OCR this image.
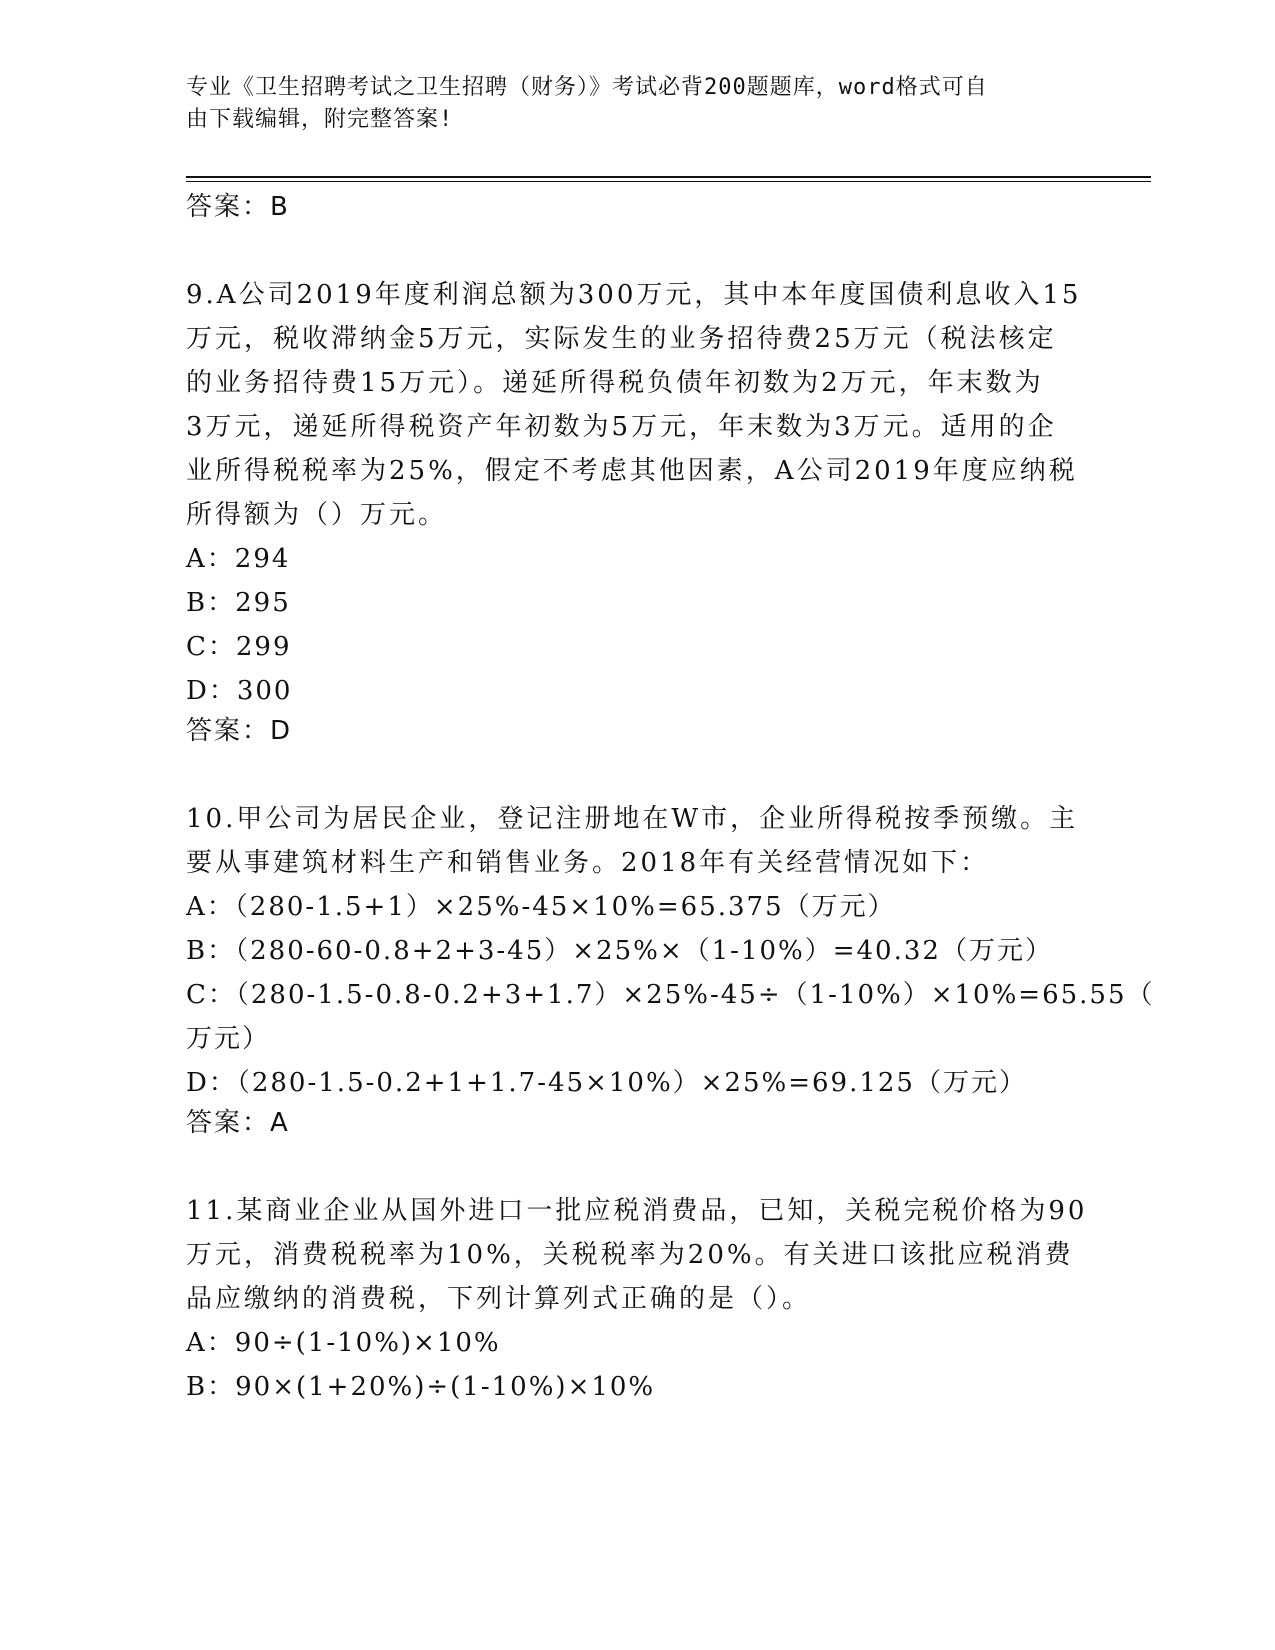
专业《卫生招聘考试之卫生招聘（财务）》考试必背200题题库，word格式可自
由下载编辑，附完整答案!
答案：B
9.A公司2019年度利润总额为300万元，其中本年度国债利息收入15
万元，税收滞纳金5万元，实际发生的业务招待费25万元（税法核定
的业务招待费15万元）。递延所得税负债年初数为2万元，年末数为
3万元，递延所得税资产年初数为5万元，年末数为3万元。适用的企
业所得税税率为25%，假定不考虑其他因素，A公司2019年度应纳税
所得额为（）万元。
A：294
B：295
C：299
D：300
答案：D
10.甲公司为居民企业，登记注册地在W市，企业所得税按季预缴。主
要从事建筑材料生产和销售业务。2018年有关经营情况如下：
A：（280-1.5+1）×25%-45×10%=65.375（万元）
B：（280-60-0.8+2+3-45）×25%×（1-10%）=40.32（万元）
C：（280-1.5-0.8-0.2+3+1.7）×25%-45÷（1-10%）×10%=65.55（
万元）
D：（280-1.5-0.2+1+1.7-45×10%）×25%=69.125（万元）
答案：A
11.某商业企业从国外进口一批应税消费品，已知，关税完税价格为90
万元，消费税税率为10%，关税税率为20%。有关进口该批应税消费
品应缴纳的消费税，下列计算列式正确的是（）。
A：90÷(1-10%)×10%
B：90×(1+20%)÷(1-10%)×10%
